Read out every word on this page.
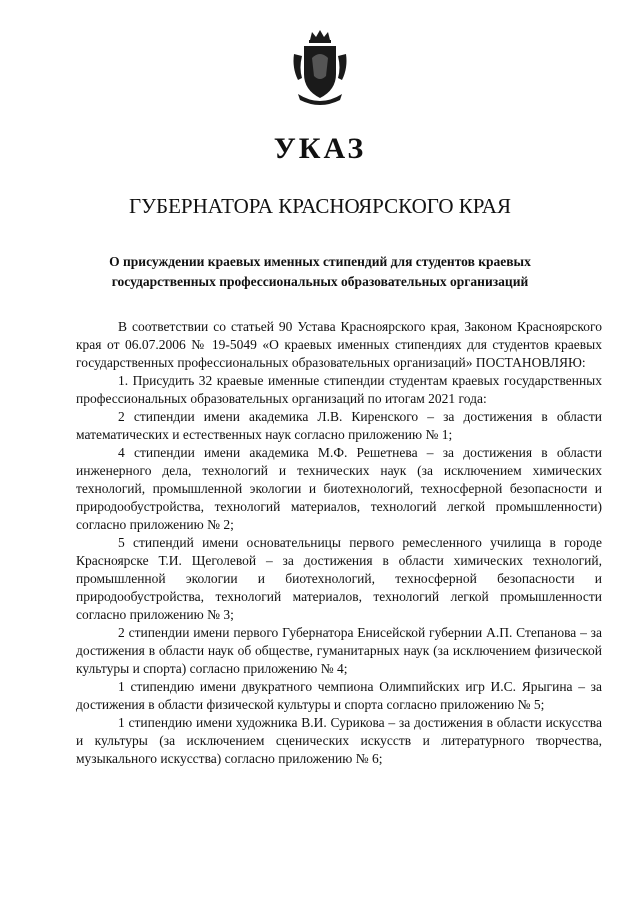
УКАЗ
ГУБЕРНАТОРА КРАСНОЯРСКОГО КРАЯ
О присуждении краевых именных стипендий для студентов краевых государственных профессиональных образовательных организаций

В соответствии со статьей 90 Устава Красноярского края, Законом Красноярского края от 06.07.2006 № 19-5049 «О краевых именных стипендиях для студентов краевых государственных профессиональных образовательных организаций» ПОСТАНОВЛЯЮ:

1. Присудить 32 краевые именные стипендии студентам краевых государственных профессиональных образовательных организаций по итогам 2021 года:

2 стипендии имени академика Л.В. Киренского – за достижения в области математических и естественных наук согласно приложению № 1;

4 стипендии имени академика М.Ф. Решетнева – за достижения в области инженерного дела, технологий и технических наук (за исключением химических технологий, промышленной экологии и биотехнологий, техносферной безопасности и природообустройства, технологий материалов, технологий легкой промышленности) согласно приложению № 2;

5 стипендий имени основательницы первого ремесленного училища в городе Красноярске Т.И. Щеголевой – за достижения в области химических технологий, промышленной экологии и биотехнологий, техносферной безопасности и природообустройства, технологий материалов, технологий легкой промышленности согласно приложению № 3;

2 стипендии имени первого Губернатора Енисейской губернии А.П. Степанова – за достижения в области наук об обществе, гуманитарных наук (за исключением физической культуры и спорта) согласно приложению № 4;

1 стипендию имени двукратного чемпиона Олимпийских игр И.С. Ярыгина – за достижения в области физической культуры и спорта согласно приложению № 5;

1 стипендию имени художника В.И. Сурикова – за достижения в области искусства и культуры (за исключением сценических искусств и литературного творчества, музыкального искусства) согласно приложению № 6;
